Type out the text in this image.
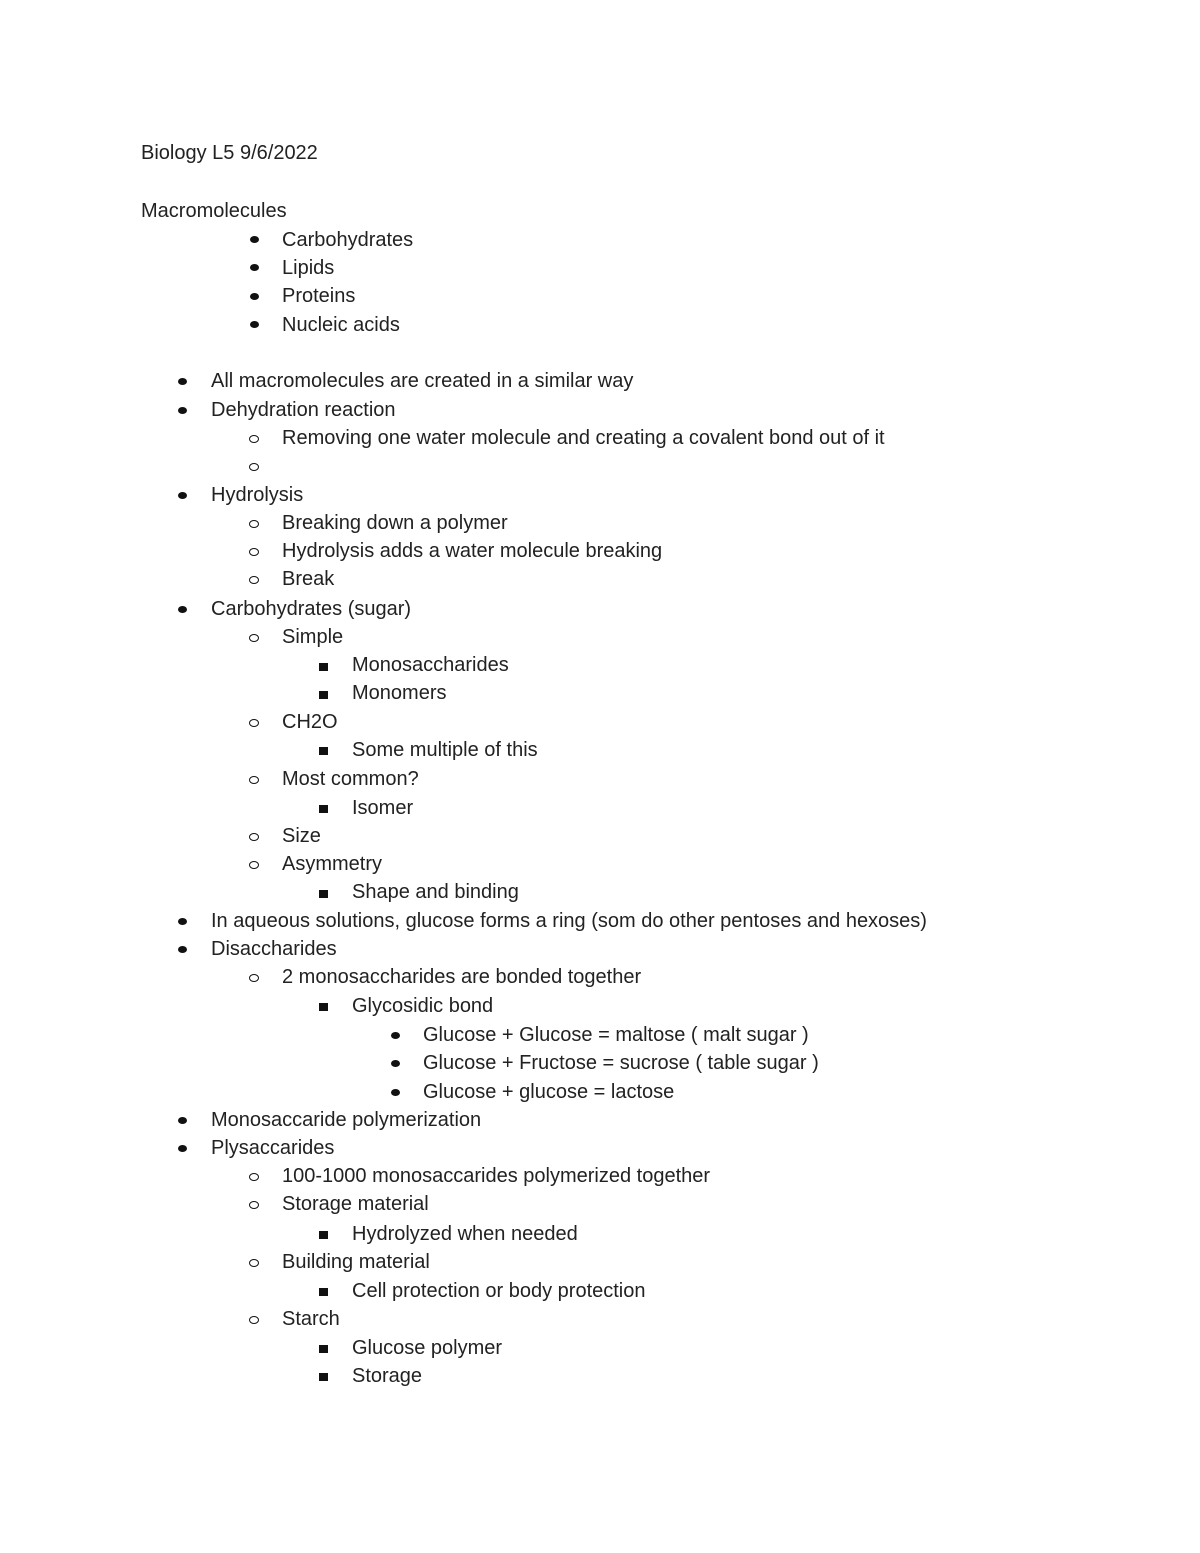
Biology L5 9/6/2022
Macromolecules
Carbohydrates
Lipids
Proteins
Nucleic acids
All macromolecules are created in a similar way
Dehydration reaction
Removing one water molecule and creating a covalent bond out of it
Hydrolysis
Breaking down a polymer
Hydrolysis adds a water molecule breaking
Break
Carbohydrates (sugar)
Simple
Monosaccharides
Monomers
CH2O
Some multiple of this
Most common?
Isomer
Size
Asymmetry
Shape and binding
In aqueous solutions, glucose forms a ring (som do other pentoses and hexoses)
Disaccharides
2 monosaccharides are bonded together
Glycosidic bond
Glucose + Glucose = maltose ( malt sugar )
Glucose + Fructose = sucrose ( table sugar )
Glucose + glucose = lactose
Monosaccaride polymerization
Plysaccarides
100-1000 monosaccarides polymerized together
Storage material
Hydrolyzed when needed
Building material
Cell protection or body protection
Starch
Glucose polymer
Storage
